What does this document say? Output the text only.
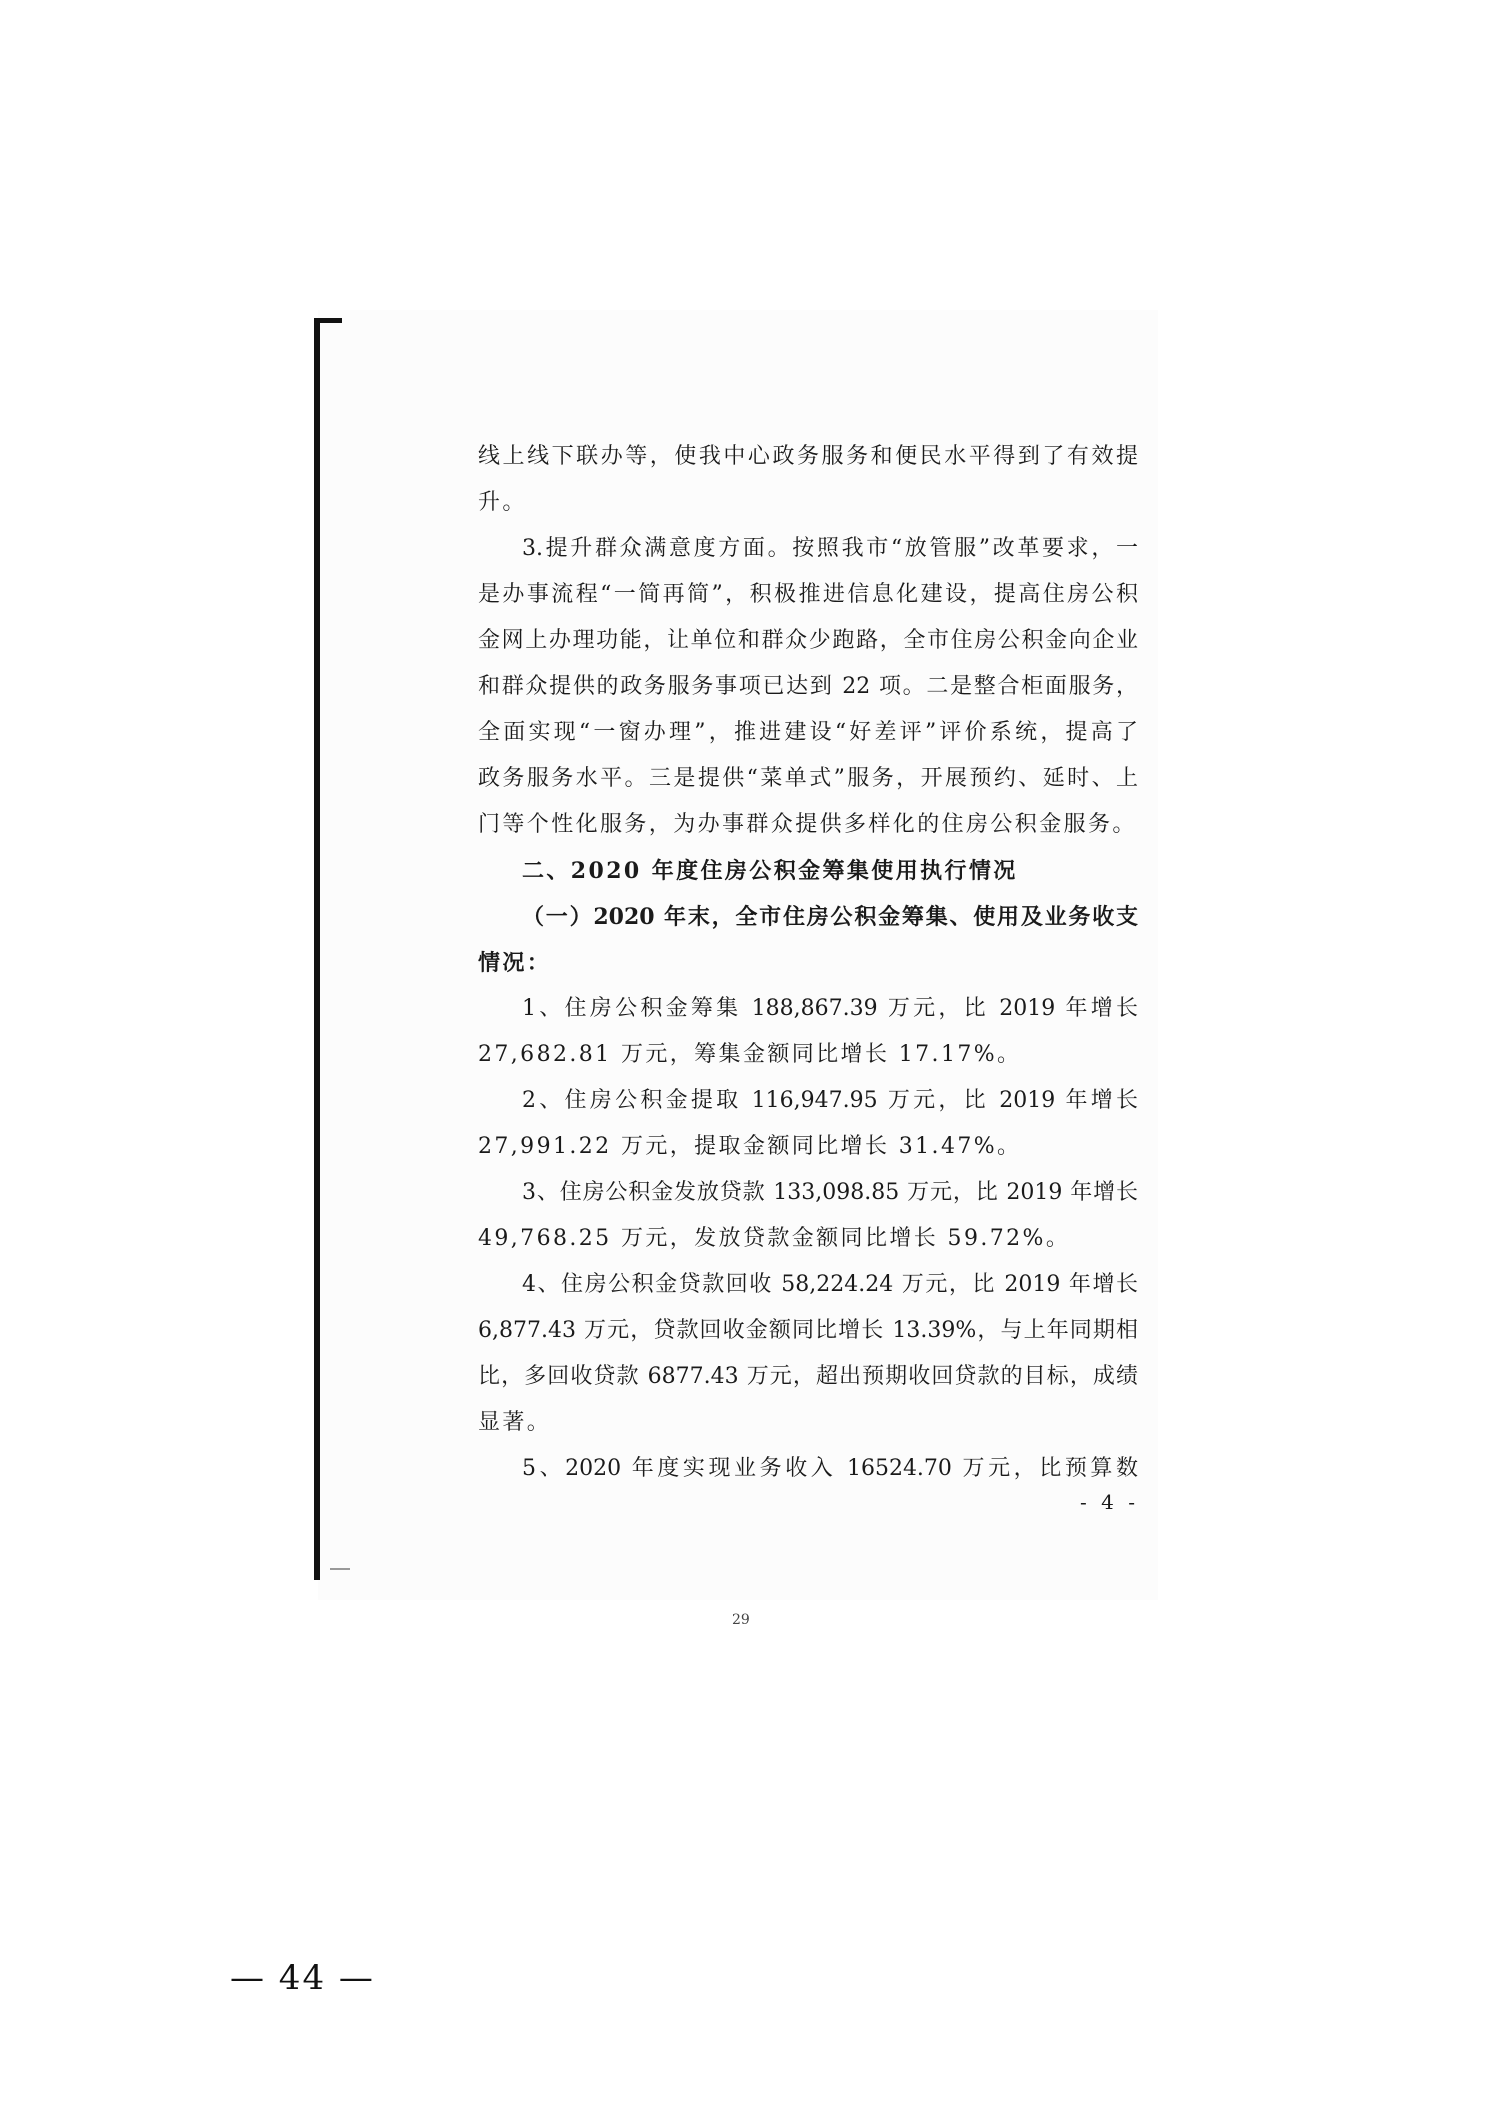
线上线下联办等，使我中心政务服务和便民水平得到了有效提
升。
3.提升群众满意度方面。按照我市“放管服”改革要求，一
是办事流程“一简再简”，积极推进信息化建设，提高住房公积
金网上办理功能，让单位和群众少跑路，全市住房公积金向企业
和群众提供的政务服务事项已达到 22 项。二是整合柜面服务，
全面实现“一窗办理”，推进建设“好差评”评价系统，提高了
政务服务水平。三是提供“菜单式”服务，开展预约、延时、上
门等个性化服务，为办事群众提供多样化的住房公积金服务。
二、2020 年度住房公积金筹集使用执行情况
（一）2020 年末，全市住房公积金筹集、使用及业务收支
情况：
1、住房公积金筹集 188,867.39 万元，比 2019 年增长
27,682.81 万元，筹集金额同比增长 17.17%。
2、住房公积金提取 116,947.95 万元，比 2019 年增长
27,991.22 万元，提取金额同比增长 31.47%。
3、住房公积金发放贷款 133,098.85 万元，比 2019 年增长
49,768.25 万元，发放贷款金额同比增长 59.72%。
4、住房公积金贷款回收 58,224.24 万元，比 2019 年增长
6,877.43 万元，贷款回收金额同比增长 13.39%，与上年同期相
比，多回收贷款 6877.43 万元，超出预期收回贷款的目标，成绩
显著。
5、2020 年度实现业务收入 16524.70 万元，比预算数
- 4 -
29
— 44 —
